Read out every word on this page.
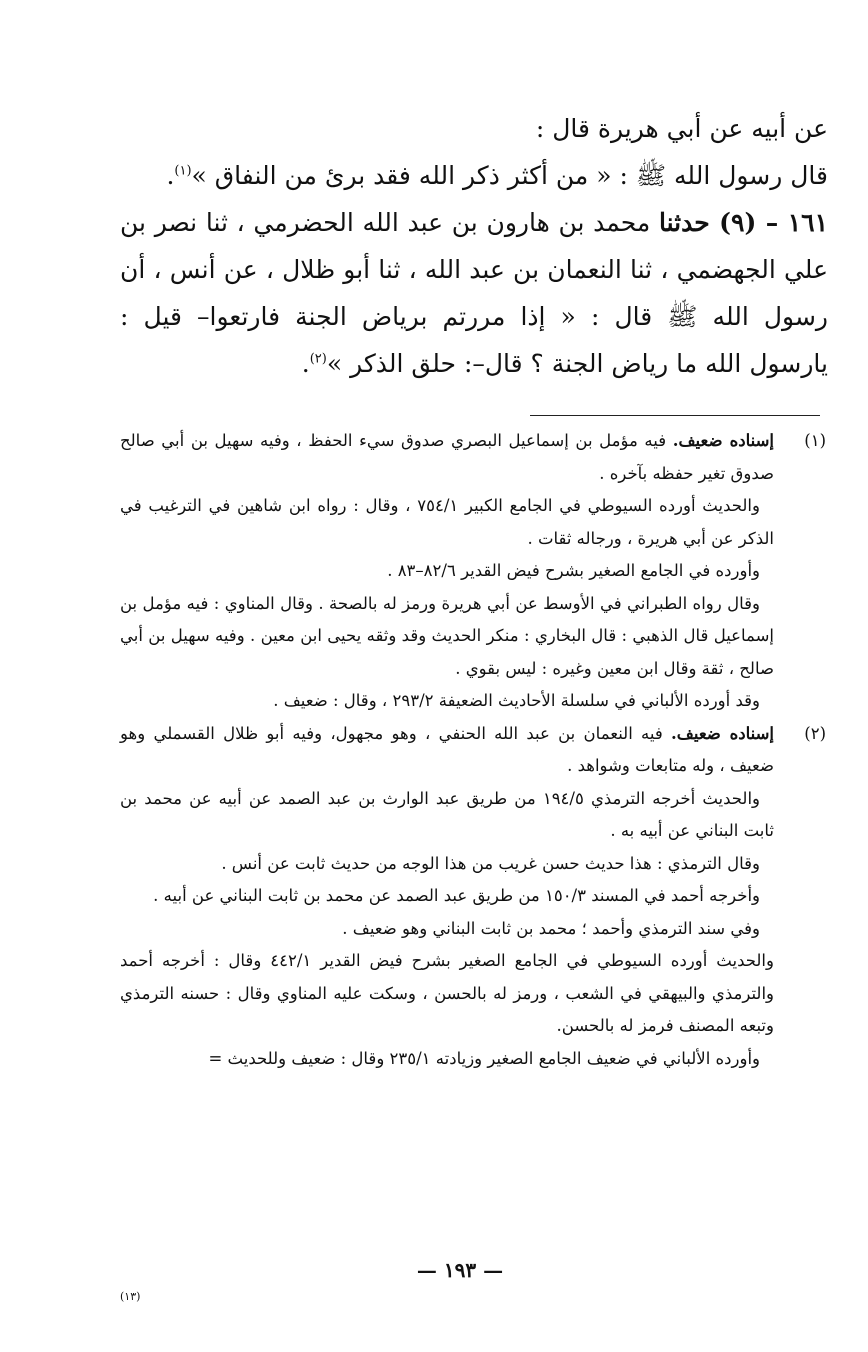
عن أبيه عن أبي هريرة قال :

قال رسول الله ﷺ : « من أكثر ذكر الله فقد برئ من النفاق »$^{(١)}$.

١٦١ – (٩) حدثنا محمد بن هارون بن عبد الله الحضرمي ، ثنا نصر بن علي الجهضمي ، ثنا النعمان بن عبد الله ، ثنا أبو ظلال ، عن أنس ، أن رسول الله ﷺ قال : « إذا مررتم برياض الجنة فارتعوا– قيل : يارسول الله ما رياض الجنة ؟ قال–: حلق الذكر »$^{(٢)}$.

(١)

إسناده ضعيف. فيه مؤمل بن إسماعيل البصري صدوق سيء الحفظ ، وفيه سهيل بن أبي صالح صدوق تغير حفظه بآخره .

والحديث أورده السيوطي في الجامع الكبير ٧٥٤/١ ، وقال : رواه ابن شاهين في الترغيب في الذكر عن أبي هريرة ، ورجاله ثقات .

وأورده في الجامع الصغير بشرح فيض القدير ٨٢/٦–٨٣ .

وقال رواه الطبراني في الأوسط عن أبي هريرة ورمز له بالصحة . وقال المناوي : فيه مؤمل بن إسماعيل قال الذهبي : قال البخاري : منكر الحديث وقد وثقه يحيى ابن معين . وفيه سهيل بن أبي صالح ، ثقة وقال ابن معين وغيره : ليس بقوي .

وقد أورده الألباني في سلسلة الأحاديث الضعيفة ٢٩٣/٢ ، وقال : ضعيف .

(٢)

إسناده ضعيف. فيه النعمان بن عبد الله الحنفي ، وهو مجهول، وفيه أبو ظلال القسملي وهو ضعيف ، وله متابعات وشواهد .

والحديث أخرجه الترمذي ١٩٤/٥ من طريق عبد الوارث بن عبد الصمد عن أبيه عن محمد بن ثابت البناني عن أبيه به .

وقال الترمذي : هذا حديث حسن غريب من هذا الوجه من حديث ثابت عن أنس .

وأخرجه أحمد في المسند ١٥٠/٣ من طريق عبد الصمد عن محمد بن ثابت البناني عن أبيه .

وفي سند الترمذي وأحمد ؛ محمد بن ثابت البناني وهو ضعيف .

والحديث أورده السيوطي في الجامع الصغير بشرح فيض القدير ٤٤٢/١ وقال : أخرجه أحمد والترمذي والبيهقي في الشعب ، ورمز له بالحسن ، وسكت عليه المناوي وقال : حسنه الترمذي وتبعه المصنف فرمز له بالحسن.

وأورده الألباني في ضعيف الجامع الصغير وزيادته ٢٣٥/١ وقال : ضعيف وللحديث =

— ١٩٣ —
(١٣)
